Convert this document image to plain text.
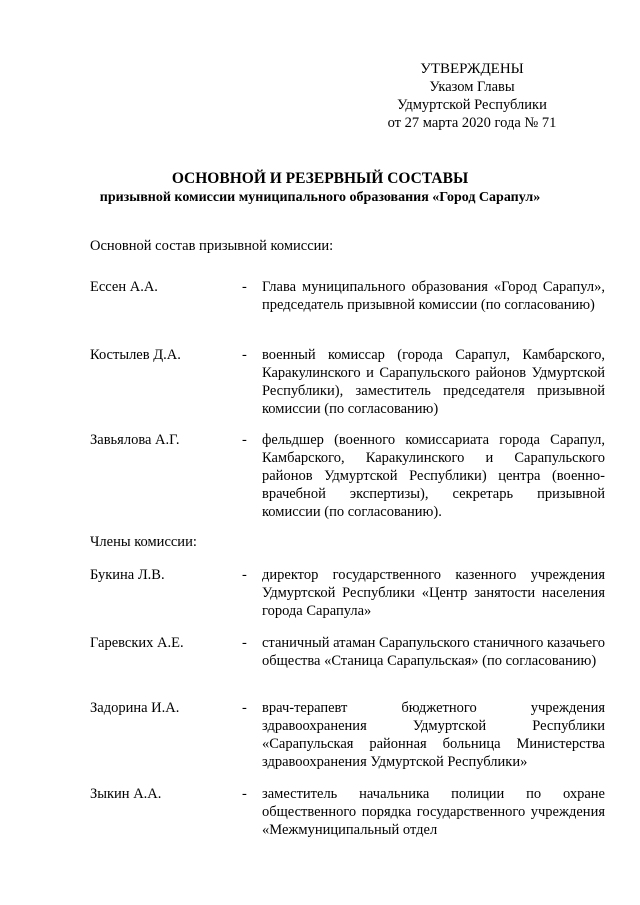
УТВЕРЖДЕНЫ
Указом Главы
Удмуртской Республики
от 27 марта 2020 года № 71
ОСНОВНОЙ И РЕЗЕРВНЫЙ СОСТАВЫ
призывной комиссии муниципального образования «Город Сарапул»
Основной состав призывной комиссии:
Ессен А.А.	- Глава муниципального образования «Город Сарапул», председатель призывной комиссии (по согласованию)
Костылев Д.А.	- военный комиссар (города Сарапул, Камбарского, Каракулинского и Сарапульского районов Удмуртской Республики), заместитель председателя призывной комиссии (по согласованию)
Завьялова А.Г.	- фельдшер (военного комиссариата города Сарапул, Камбарского, Каракулинского и Сарапульского районов Удмуртской Республики) центра (военно-врачебной экспертизы), секретарь призывной комиссии (по согласованию).
Члены комиссии:
Букина Л.В.	- директор государственного казенного учреждения Удмуртской Республики «Центр занятости населения города Сарапула»
Гаревских А.Е.	- станичный атаман Сарапульского станичного казачьего общества «Станица Сарапульская» (по согласованию)
Задорина И.А.	- врач-терапевт бюджетного учреждения здравоохранения Удмуртской Республики «Сарапульская районная больница Министерства здравоохранения Удмуртской Республики»
Зыкин А.А.	- заместитель начальника полиции по охране общественного порядка государственного учреждения «Межмуниципальный отдел
